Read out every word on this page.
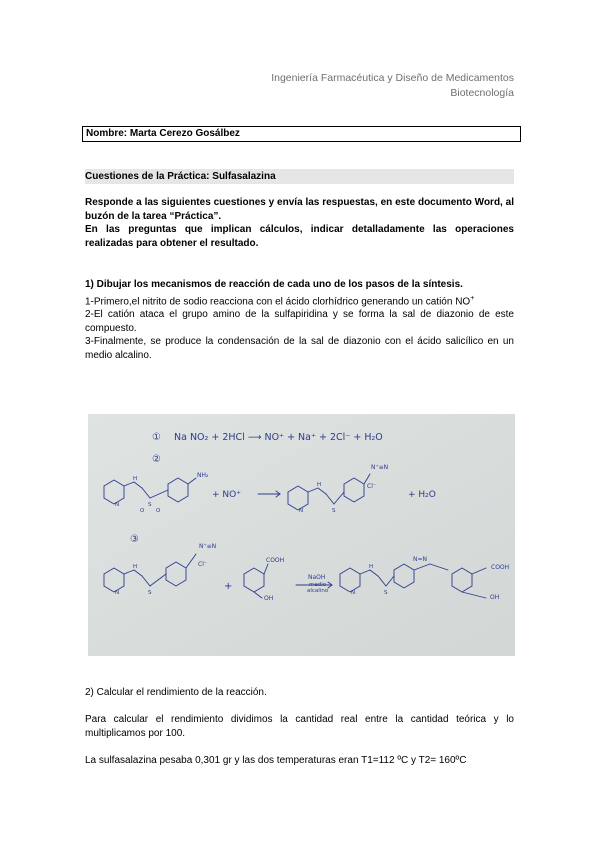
Ingeniería Farmacéutica y Diseño de Medicamentos
Biotecnología
Nombre: Marta Cerezo Gosálbez
Cuestiones de la Práctica: Sulfasalazina
Responde a las siguientes cuestiones y envía las respuestas, en este documento Word, al buzón de la tarea “Práctica”.
En las preguntas que implican cálculos, indicar detalladamente las operaciones realizadas para obtener el resultado.
1) Dibujar los mecanismos de reacción de cada uno de los pasos de la síntesis.
1-Primero,el nitrito de sodio reacciona con el ácido clorhídrico generando un catión NO+
2-El catión ataca el grupo amino de la sulfapiridina y se forma la sal de diazonio de este compuesto.
3-Finalmente, se produce la condensación de la sal de diazonio con el ácido salicílico en un medio alcalino.
① Na NO₂ + 2HCl ⟶ NO⁺ + Na⁺ + 2Cl⁻ + H₂O
②
NH₂
+ NO⁺
N⁺≡N
Cl⁻
+ H₂O
③
N⁺≡N
Cl⁻
+
COOH
OH
NaOH
medio
alcalino
N=N
COOH
OH
N
H
S
O O	N
H
S
N
H
S	N
H
S

2) Calcular el rendimiento de la reacción.

Para calcular el rendimiento dividimos la cantidad real entre la cantidad teórica y lo multiplicamos por 100.

La sulfasalazina pesaba 0,301 gr y las dos temperaturas eran T1=112 ºC y T2= 160ºC
